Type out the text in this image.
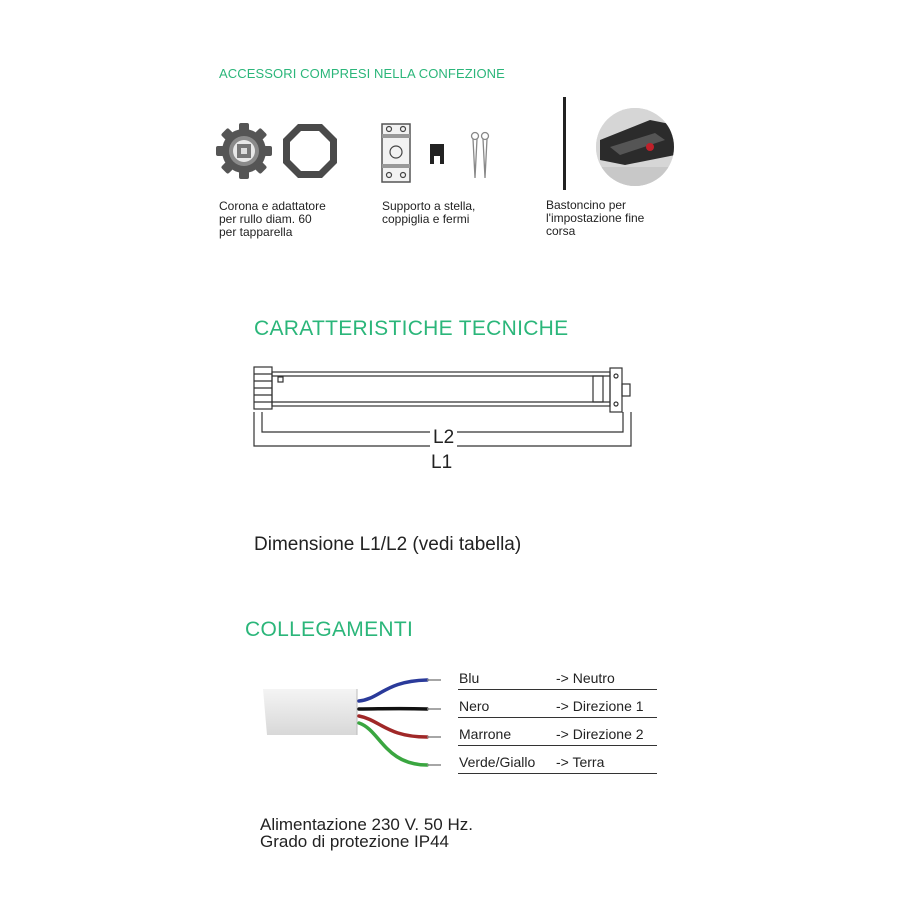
ACCESSORI COMPRESI NELLA CONFEZIONE
Corona e adattatore
per rullo diam. 60
per tapparella
Supporto a stella,
coppiglia e fermi
Bastoncino per
l'impostazione fine
corsa
CARATTERISTICHE TECNICHE
L2
L1
Dimensione L1/L2 (vedi tabella)
COLLEGAMENTI
Blu	-> Neutro
Nero	-> Direzione 1
Marrone	-> Direzione 2
Verde/Giallo -> Terra
Alimentazione 230 V. 50 Hz.
Grado di protezione IP44
